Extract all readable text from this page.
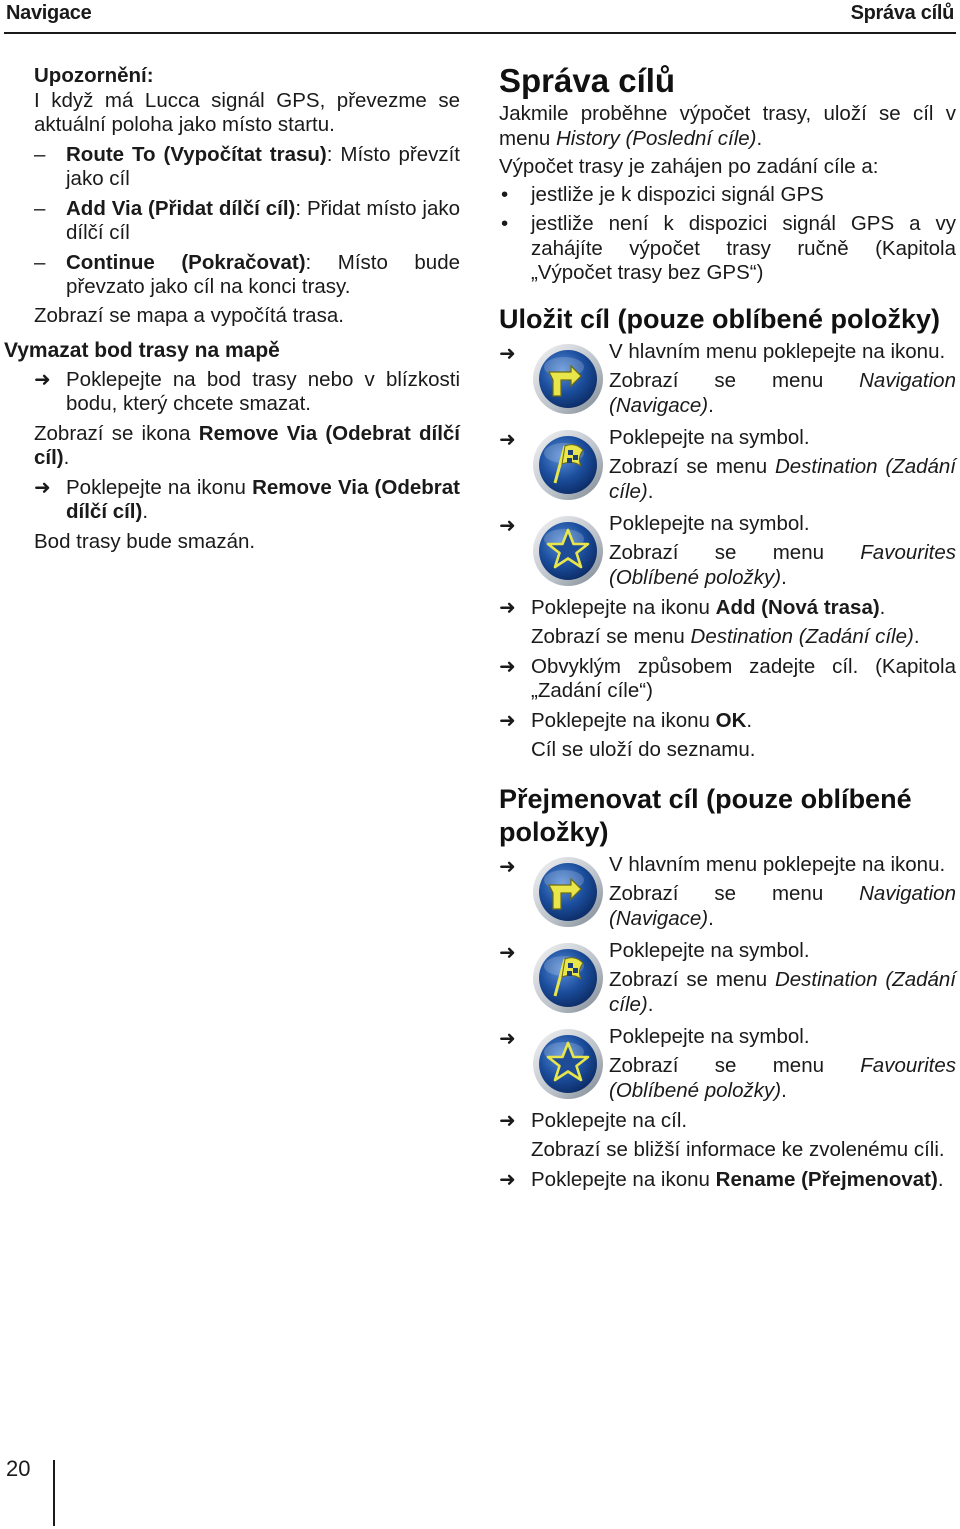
Navigace	Správa cílů

Upozornění:

I když má Lucca signál GPS, převezme se aktuální poloha jako místo startu.

– Route To (Vypočítat trasu): Místo převzít jako cíl
– Add Via (Přidat dílčí cíl): Přidat místo jako dílčí cíl
– Continue (Pokračovat): Místo bude převzato jako cíl na konci trasy.

Zobrazí se mapa a vypočítá trasa.

Vymazat bod trasy na mapě
➜ Poklepejte na bod trasy nebo v blízkosti bodu, který chcete smazat.
Zobrazí se ikona Remove Via (Odebrat dílčí cíl).
➜ Poklepejte na ikonu Remove Via (Odebrat dílčí cíl).

Bod trasy bude smazán.

Správa cílů

Jakmile proběhne výpočet trasy, uloží se cíl v menu History (Poslední cíle).

Výpočet trasy je zahájen po zadání cíle a:

• jestliže je k dispozici signál GPS
• jestliže není k dispozici signál GPS a vy zahájíte výpočet trasy ručně (Kapitola „Výpočet trasy bez GPS“)
Uložit cíl (pouze oblíbené položky)
➜	V hlavním menu poklepejte na ikonu.
Zobrazí se menu Navigation (Navigace).
➜	Poklepejte na symbol.
Zobrazí se menu Destination (Zadání cíle).
➜	Poklepejte na symbol.
Zobrazí se menu Favourites (Oblíbené položky).
➜ Poklepejte na ikonu Add (Nová trasa).
Zobrazí se menu Destination (Zadání cíle).
➜ Obvyklým způsobem zadejte cíl. (Kapitola „Zadání cíle“)
➜ Poklepejte na ikonu OK.
Cíl se uloží do seznamu.
Přejmenovat cíl (pouze oblíbené položky)
➜	V hlavním menu poklepejte na ikonu.
Zobrazí se menu Navigation (Navigace).
➜	Poklepejte na symbol.
Zobrazí se menu Destination (Zadání cíle).
➜	Poklepejte na symbol.
Zobrazí se menu Favourites (Oblíbené položky).
➜ Poklepejte na cíl.
Zobrazí se bližší informace ke zvolenému cíli.
➜ Poklepejte na ikonu Rename (Přejmenovat).
20
